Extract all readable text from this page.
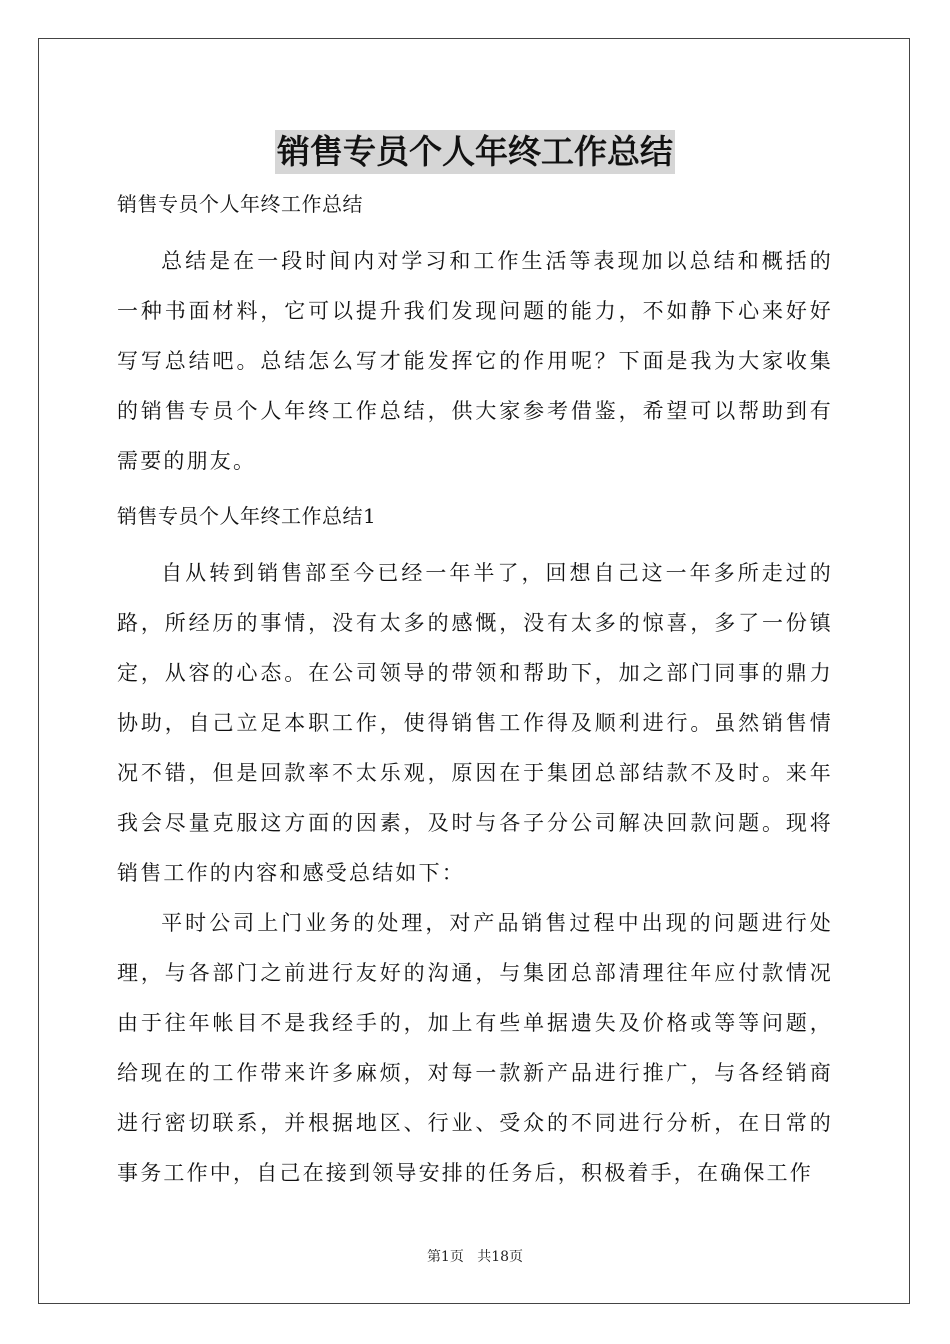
销售专员个人年终工作总结

销售专员个人年终工作总结

总结是在一段时间内对学习和工作生活等表现加以总结和概括的一种书面材料，它可以提升我们发现问题的能力，不如静下心来好好写写总结吧。总结怎么写才能发挥它的作用呢？下面是我为大家收集的销售专员个人年终工作总结，供大家参考借鉴，希望可以帮助到有需要的朋友。

销售专员个人年终工作总结1

自从转到销售部至今已经一年半了，回想自己这一年多所走过的路，所经历的事情，没有太多的感慨，没有太多的惊喜，多了一份镇定，从容的心态。在公司领导的带领和帮助下，加之部门同事的鼎力协助，自己立足本职工作，使得销售工作得及顺利进行。虽然销售情况不错，但是回款率不太乐观，原因在于集团总部结款不及时。来年我会尽量克服这方面的因素，及时与各子分公司解决回款问题。现将销售工作的内容和感受总结如下：

平时公司上门业务的处理，对产品销售过程中出现的问题进行处理，与各部门之前进行友好的沟通，与集团总部清理往年应付款情况由于往年帐目不是我经手的，加上有些单据遗失及价格或等等问题，给现在的工作带来许多麻烦，对每一款新产品进行推广，与各经销商进行密切联系，并根据地区、行业、受众的不同进行分析，在日常的事务工作中，自己在接到领导安排的任务后，积极着手，在确保工作

第1页 共18页
